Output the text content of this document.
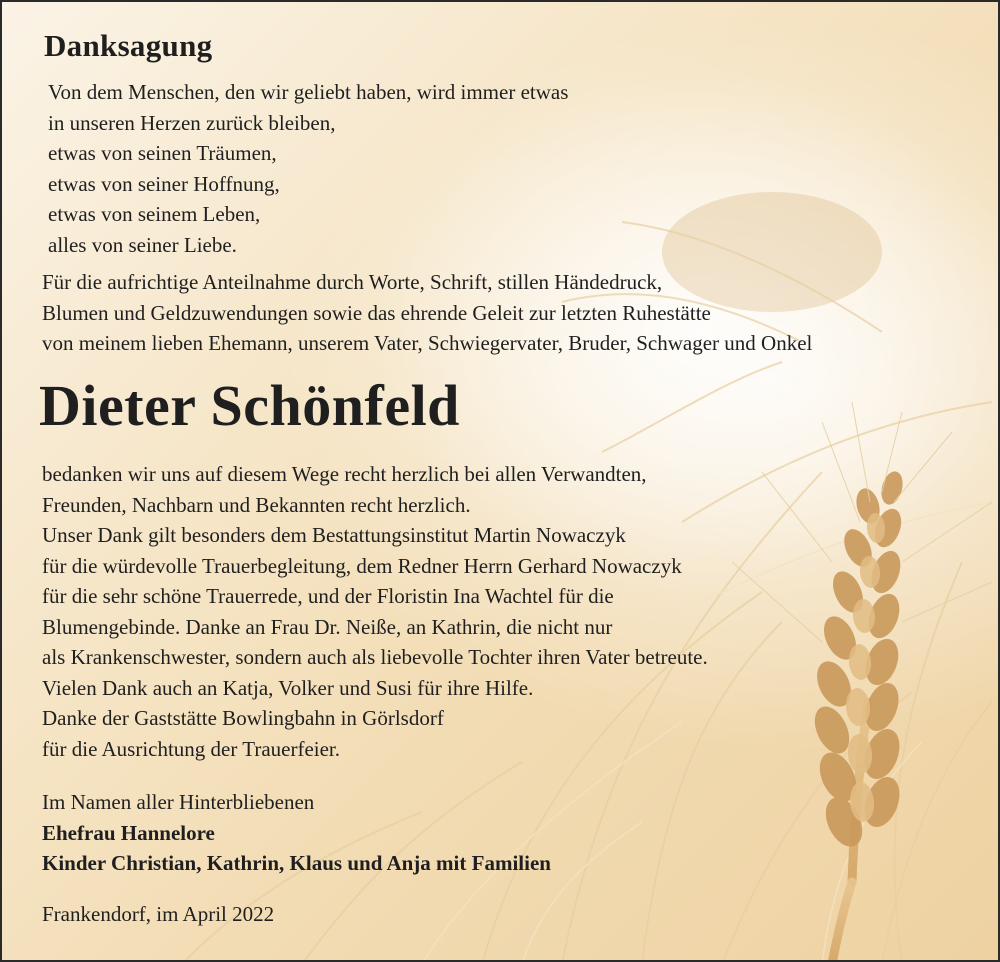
Danksagung
Von dem Menschen, den wir geliebt haben, wird immer etwas
in unseren Herzen zurück bleiben,
etwas von seinen Träumen,
etwas von seiner Hoffnung,
etwas von seinem Leben,
alles von seiner Liebe.
Für die aufrichtige Anteilnahme durch Worte, Schrift, stillen Händedruck,
Blumen und Geldzuwendungen sowie das ehrende Geleit zur letzten Ruhestätte
von meinem lieben Ehemann, unserem Vater, Schwiegervater, Bruder, Schwager und Onkel
Dieter Schönfeld
bedanken wir uns auf diesem Wege recht herzlich bei allen Verwandten,
Freunden, Nachbarn und Bekannten recht herzlich.
Unser Dank gilt besonders dem Bestattungsinstitut Martin Nowaczyk
für die würdevolle Trauerbegleitung, dem Redner Herrn Gerhard Nowaczyk
für die sehr schöne Trauerrede, und der Floristin Ina Wachtel für die
Blumengebinde. Danke an Frau Dr. Neiße, an Kathrin, die nicht nur
als Krankenschwester, sondern auch als liebevolle Tochter ihren Vater betreute.
Vielen Dank auch an Katja, Volker und Susi für ihre Hilfe.
Danke der Gaststätte Bowlingbahn in Görlsdorf
für die Ausrichtung der Trauerfeier.
Im Namen aller Hinterbliebenen
Ehefrau Hannelore
Kinder Christian, Kathrin, Klaus und Anja mit Familien

Frankendorf, im April 2022
